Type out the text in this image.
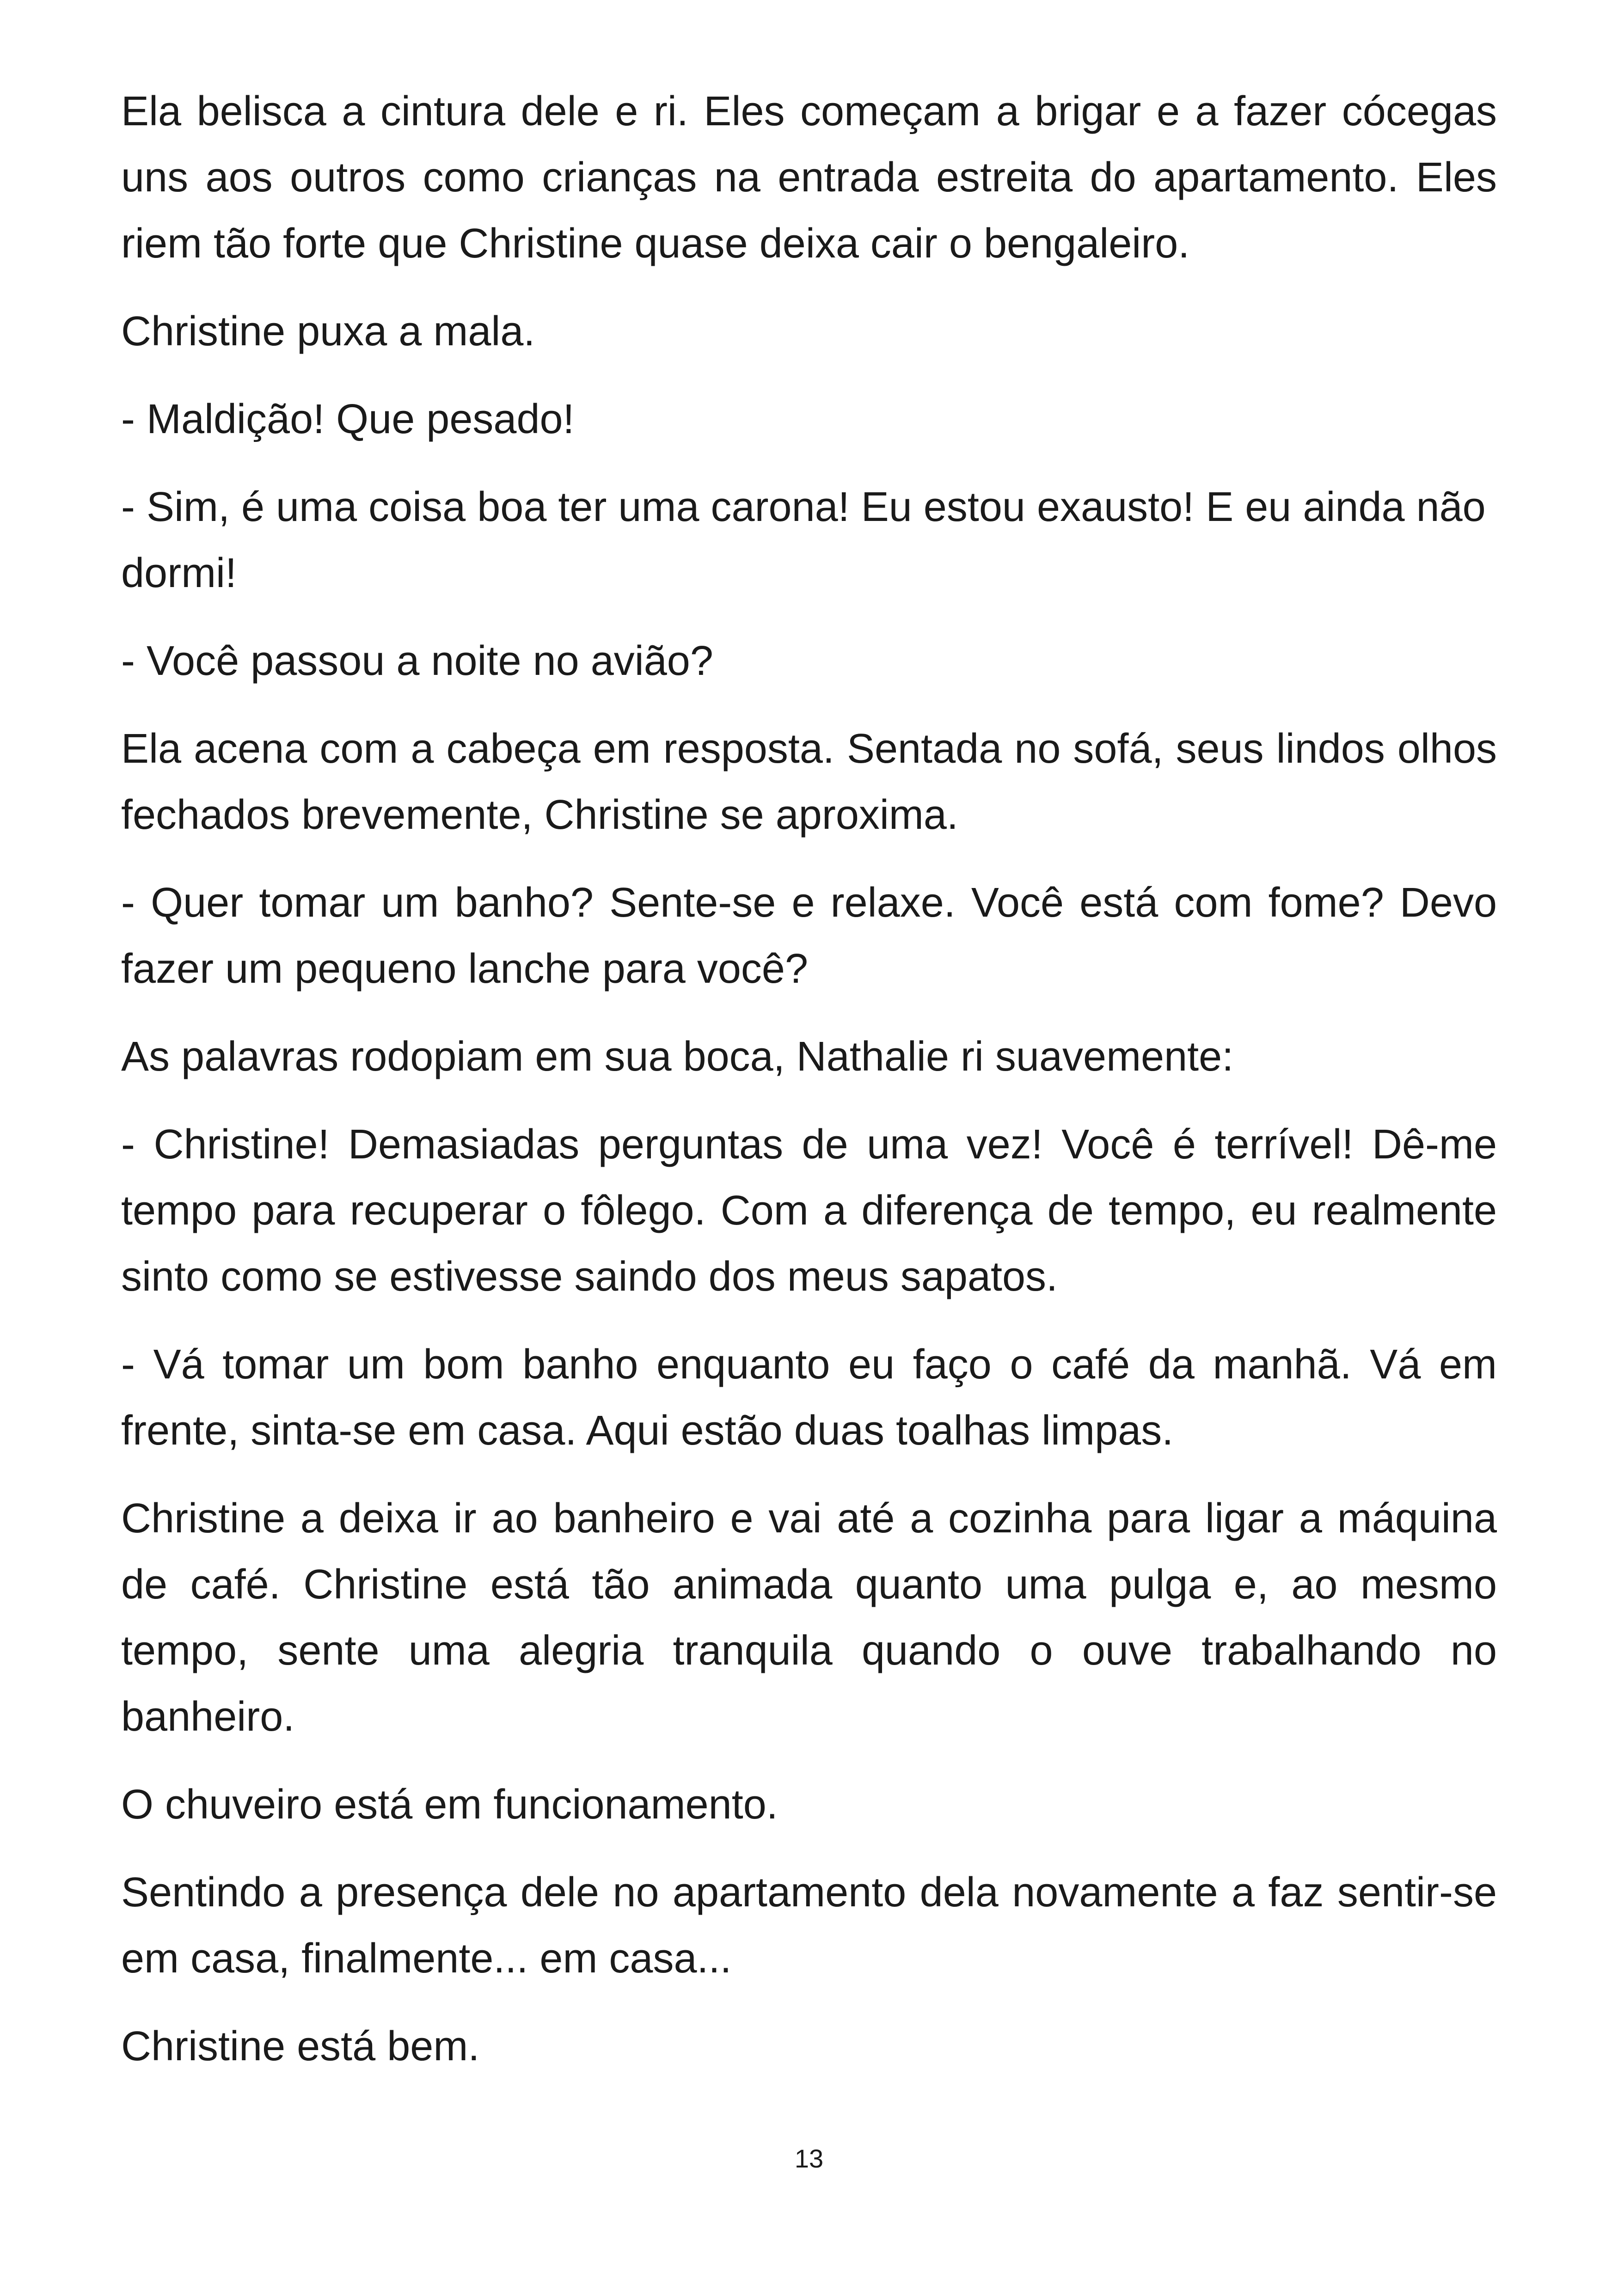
Ela belisca a cintura dele e ri. Eles começam a brigar e a fazer cócegas uns aos outros como crianças na entrada estreita do apartamento. Eles riem tão forte que Christine quase deixa cair o bengaleiro.

Christine puxa a mala.

- Maldição! Que pesado!

- Sim, é uma coisa boa ter uma carona! Eu estou exausto! E eu ainda não dormi!

- Você passou a noite no avião?

Ela acena com a cabeça em resposta. Sentada no sofá, seus lindos olhos fechados brevemente, Christine se aproxima.

- Quer tomar um banho? Sente-se e relaxe. Você está com fome? Devo fazer um pequeno lanche para você?

As palavras rodopiam em sua boca, Nathalie ri suavemente:

- Christine! Demasiadas perguntas de uma vez! Você é terrível! Dê-me tempo para recuperar o fôlego. Com a diferença de tempo, eu realmente sinto como se estivesse saindo dos meus sapatos.

- Vá tomar um bom banho enquanto eu faço o café da manhã. Vá em frente, sinta-se em casa. Aqui estão duas toalhas limpas.

Christine a deixa ir ao banheiro e vai até a cozinha para ligar a máquina de café. Christine está tão animada quanto uma pulga e, ao mesmo tempo, sente uma alegria tranquila quando o ouve trabalhando no banheiro.

O chuveiro está em funcionamento.

Sentindo a presença dele no apartamento dela novamente a faz sentir-se em casa, finalmente... em casa...

Christine está bem.

13
